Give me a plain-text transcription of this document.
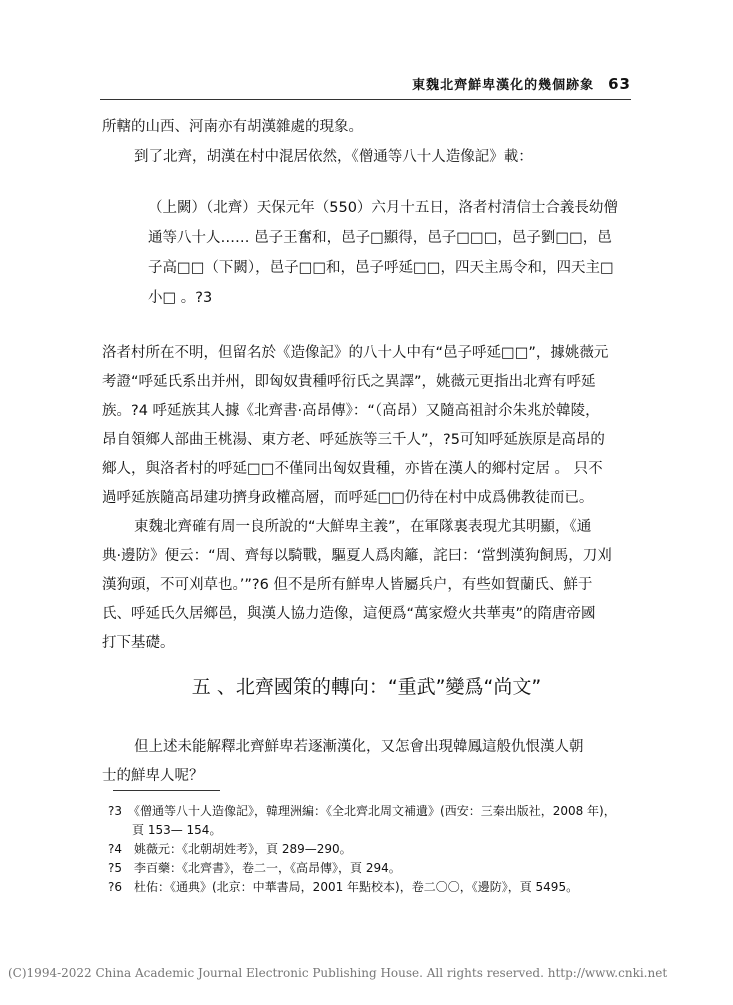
東魏北齊鮮卑漢化的幾個跡象 63
所轄的山西、河南亦有胡漢雜處的現象。
到了北齊，胡漢在村中混居依然，《僧通等八十人造像記》載：
（上闕）（北齊）天保元年（550）六月十五日，洛者村清信士合義長幼僧
通等八十人…… 邑子王奮和，邑子□顯得，邑子□□□，邑子劉□□，邑
子高□□（下闕），邑子□□和，邑子呼延□□，四天主馬令和，四天主□
小□ 。?3
洛者村所在不明，但留名於《造像記》的八十人中有“邑子呼延□□”，據姚薇元
考證“呼延氏系出并州，即匈奴貴種呼衍氏之異譯”，姚薇元更指出北齊有呼延
族。?4 呼延族其人據《北齊書·高昂傳》：“（高昂）又隨高祖討尒朱兆於韓陵，
昂自領鄉人部曲王桃湯、東方老、呼延族等三千人”，?5可知呼延族原是高昂的
鄉人，與洛者村的呼延□□不僅同出匈奴貴種，亦皆在漢人的鄉村定居 。 只不
過呼延族隨高昂建功擠身政權高層，而呼延□□仍待在村中成爲佛教徒而已。
東魏北齊確有周一良所說的“大鮮卑主義”，在軍隊裏表現尤其明顯，《通
典·邊防》便云：“周、齊每以騎戰，驅夏人爲肉籬，詫曰：‘當剉漢狗飼馬，刀刈
漢狗頭，不可刈草也。’”?6 但不是所有鮮卑人皆屬兵户，有些如賀蘭氏、鮮于
氏、呼延氏久居鄉邑，與漢人協力造像，這便爲“萬家燈火共華夷”的隋唐帝國
打下基礎。
五 、北齊國策的轉向：“重武”變爲“尚文”
但上述未能解釋北齊鮮卑若逐漸漢化，又怎會出現韓鳳這般仇恨漢人朝
士的鮮卑人呢？
?3　《僧通等八十人造像記》，韓理洲編：《全北齊北周文補遺》(西安：三秦出版社，2008 年)，
　　頁 153— 154。
?4　姚薇元：《北朝胡姓考》，頁 289—290。
?5　李百藥：《北齊書》，卷二一，《高昂傳》，頁 294。
?6　杜佑：《通典》(北京：中華書局，2001 年點校本)，卷二〇〇，《邊防》，頁 5495。
(C)1994-2022 China Academic Journal Electronic Publishing House. All rights reserved. http://www.cnki.net
